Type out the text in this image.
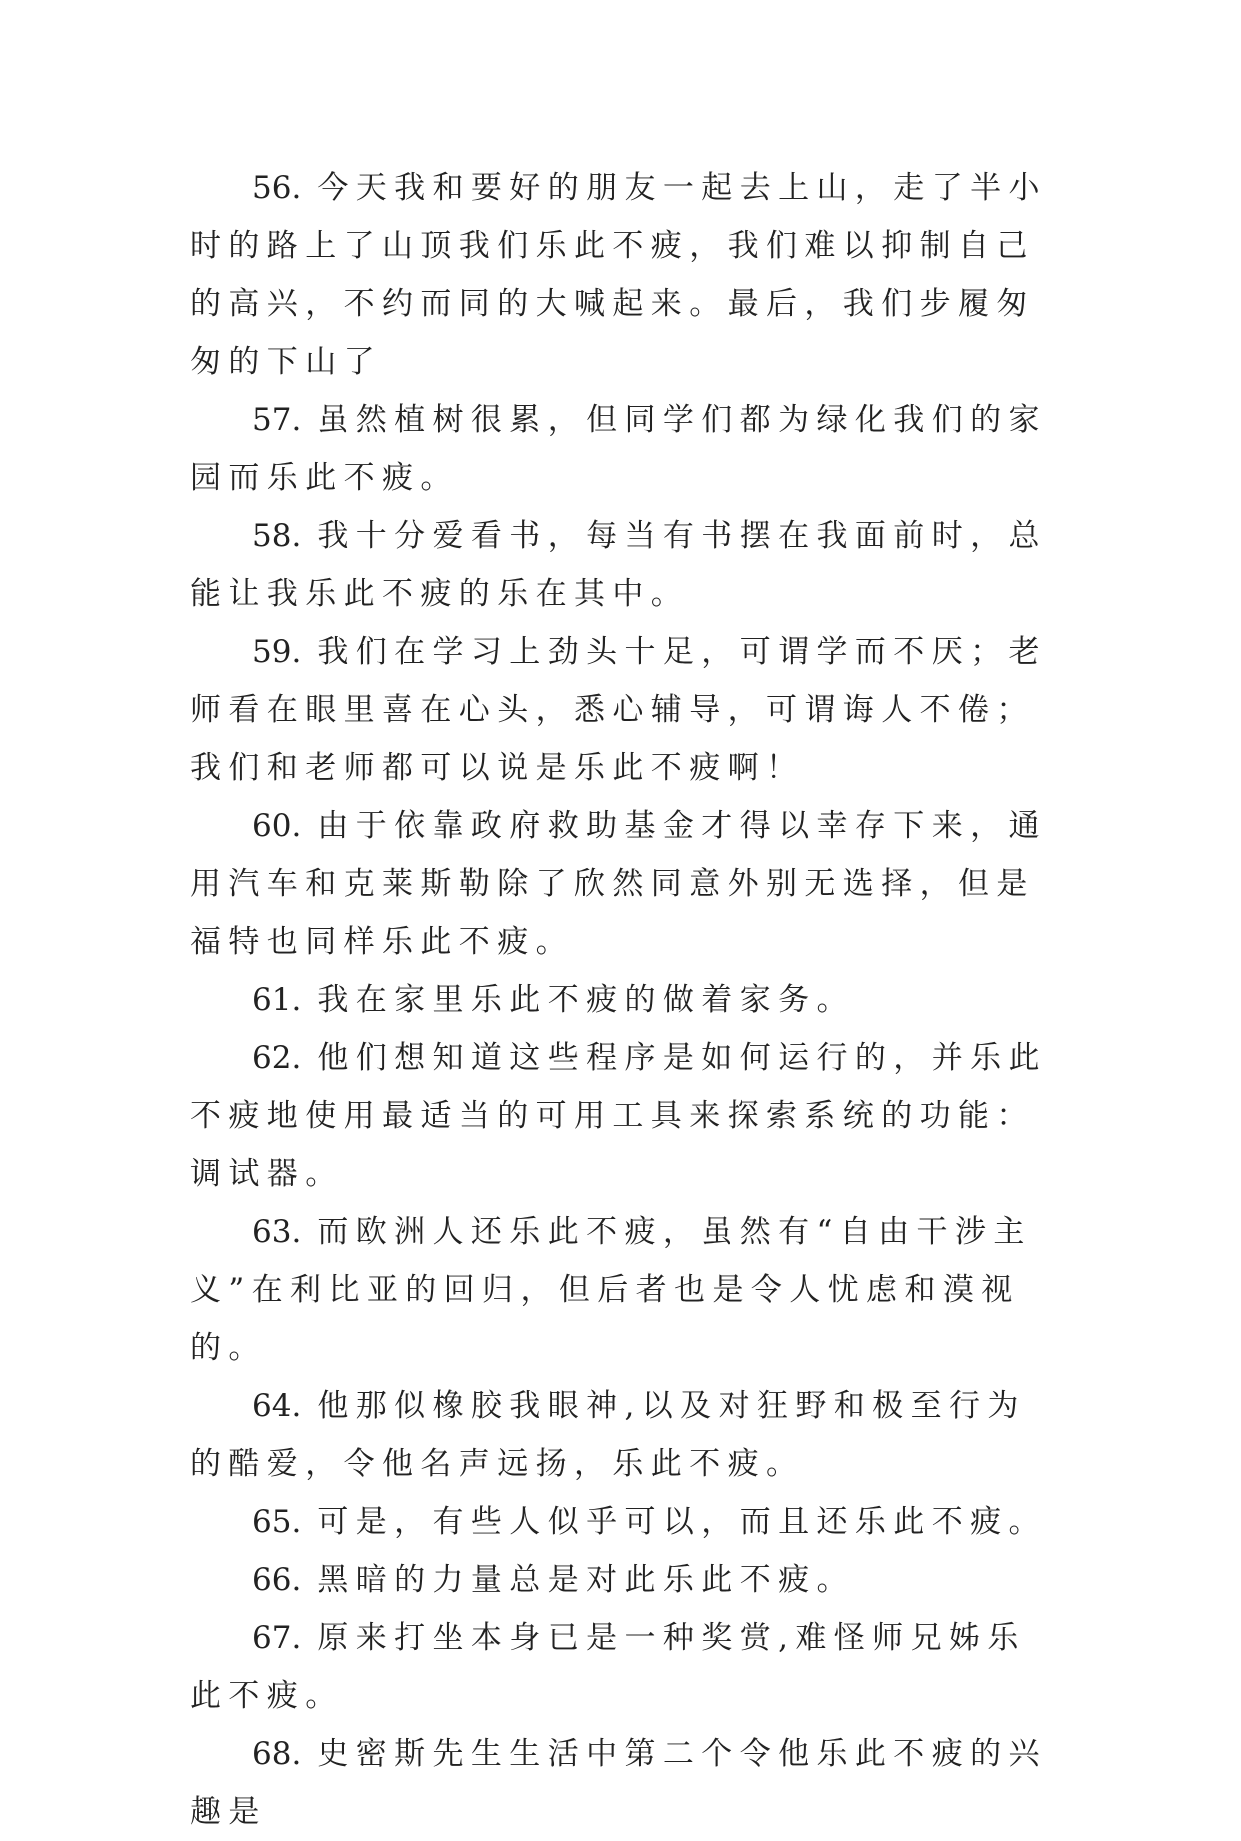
56. 今天我和要好的朋友一起去上山，走了半小时的路上了山顶我们乐此不疲，我们难以抑制自己的高兴，不约而同的大喊起来。最后，我们步履匆匆的下山了

57. 虽然植树很累，但同学们都为绿化我们的家园而乐此不疲。

58. 我十分爱看书，每当有书摆在我面前时，总能让我乐此不疲的乐在其中。

59. 我们在学习上劲头十足，可谓学而不厌；老师看在眼里喜在心头，悉心辅导，可谓诲人不倦；我们和老师都可以说是乐此不疲啊！

60. 由于依靠政府救助基金才得以幸存下来，通用汽车和克莱斯勒除了欣然同意外别无选择，但是福特也同样乐此不疲。

61. 我在家里乐此不疲的做着家务。

62. 他们想知道这些程序是如何运行的，并乐此不疲地使用最适当的可用工具来探索系统的功能：调试器。

63. 而欧洲人还乐此不疲，虽然有“自由干涉主义”在利比亚的回归，但后者也是令人忧虑和漠视的。

64. 他那似橡胶我眼神,以及对狂野和极至行为的酷爱，令他名声远扬，乐此不疲。

65. 可是，有些人似乎可以，而且还乐此不疲。

66. 黑暗的力量总是对此乐此不疲。

67. 原来打坐本身已是一种奖赏,难怪师兄姊乐此不疲。

68. 史密斯先生生活中第二个令他乐此不疲的兴趣是
